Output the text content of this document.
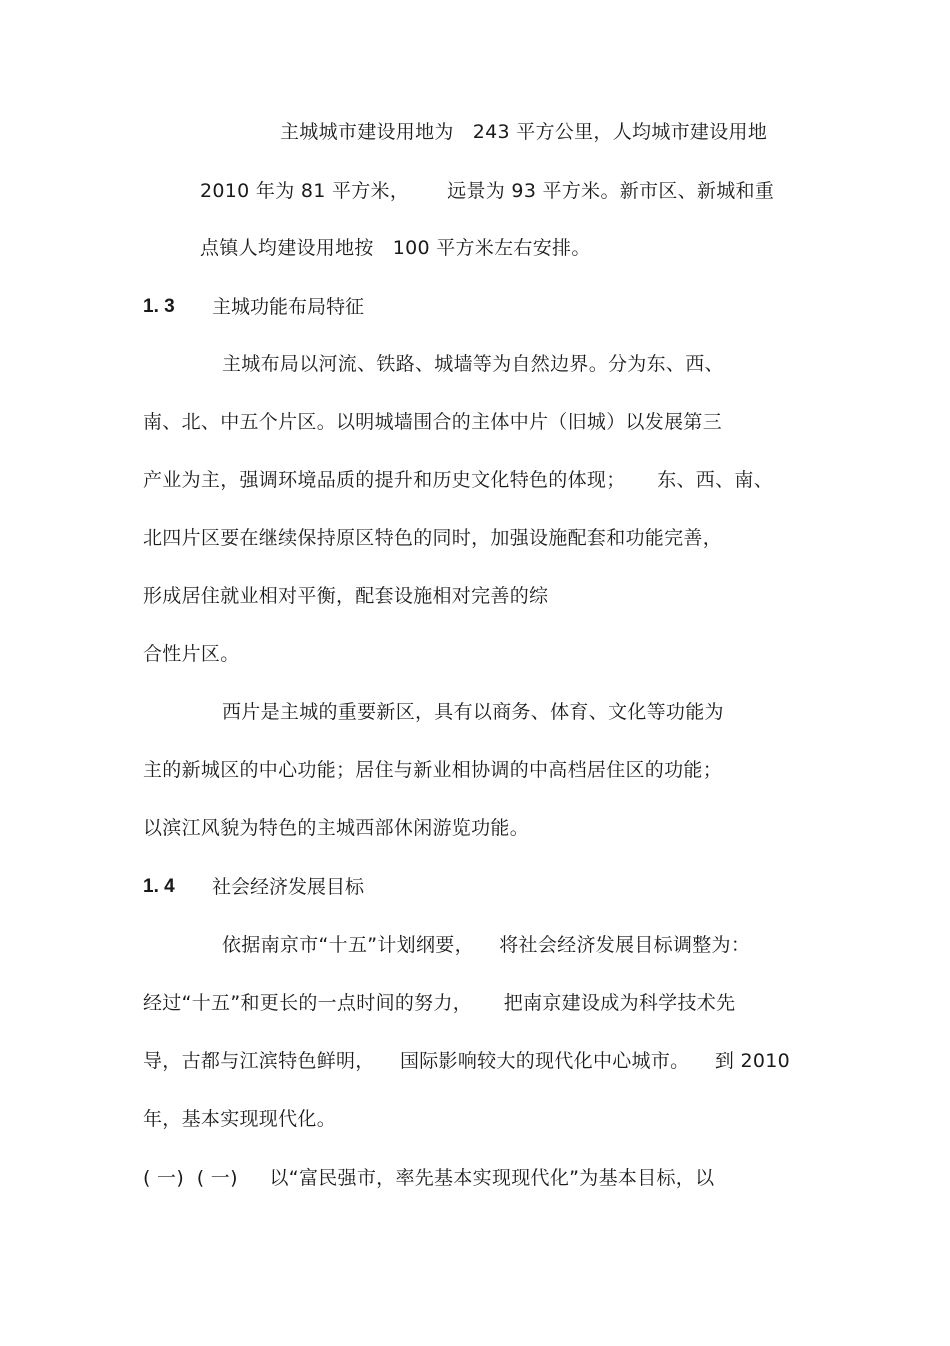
主城城市建设用地为   243 平方公里，人均城市建设用地
2010 年为 81 平方米，      远景为 93 平方米。新市区、新城和重
点镇人均建设用地按   100 平方米左右安排。
1. 3 主城功能布局特征
主城布局以河流、铁路、城墙等为自然边界。分为东、西、
南、北、中五个片区。以明城墙围合的主体中片（旧城）以发展第三
产业为主，强调环境品质的提升和历史文化特色的体现；     东、西、南、
北四片区要在继续保持原区特色的同时，加强设施配套和功能完善，
形成居住就业相对平衡，配套设施相对完善的综
合性片区。
西片是主城的重要新区，具有以商务、体育、文化等功能为
主的新城区的中心功能；居住与新业相协调的中高档居住区的功能；
以滨江风貌为特色的主城西部休闲游览功能。
1. 4 社会经济发展目标
依据南京市“十五”计划纲要，    将社会经济发展目标调整为：
经过“十五”和更长的一点时间的努力，     把南京建设成为科学技术先
导，古都与江滨特色鲜明，    国际影响较大的现代化中心城市。    到 2010
年，基本实现现代化。
( 一)  ( 一)     以“富民强市，率先基本实现现代化”为基本目标，以
